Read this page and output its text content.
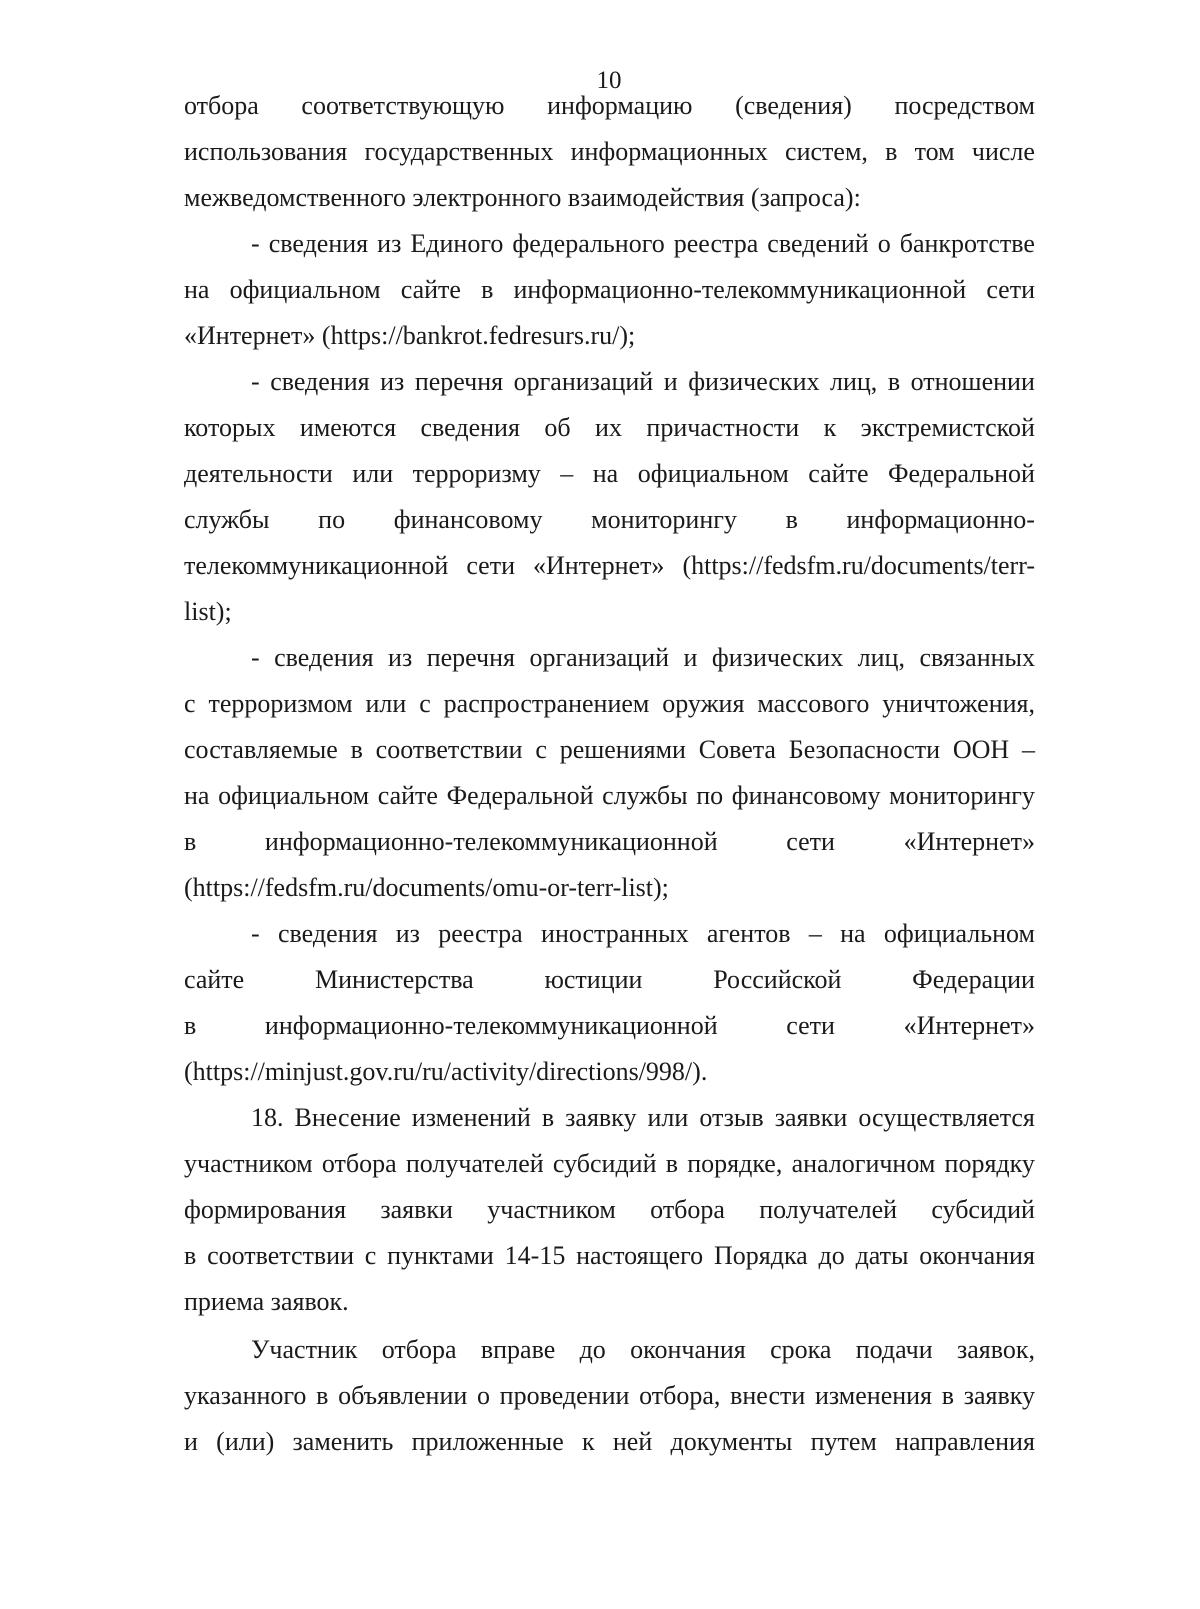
10
отбора соответствующую информацию (сведения) посредством
использования государственных информационных систем, в том числе
межведомственного электронного взаимодействия (запроса):
- сведения из Единого федерального реестра сведений о банкротстве
на официальном сайте в информационно-телекоммуникационной сети
«Интернет» (https://bankrot.fedresurs.ru/);
- сведения из перечня организаций и физических лиц, в отношении
которых имеются сведения об их причастности к экстремистской
деятельности или терроризму – на официальном сайте Федеральной
службы по финансовому мониторингу в информационно-
телекоммуникационной сети «Интернет» (https://fedsfm.ru/documents/terr-
list);
- сведения из перечня организаций и физических лиц, связанных
с терроризмом или с распространением оружия массового уничтожения,
составляемые в соответствии с решениями Совета Безопасности ООН –
на официальном сайте Федеральной службы по финансовому мониторингу
в	информационно-телекоммуникационной	сети	«Интернет»
(https://fedsfm.ru/documents/omu-or-terr-list);
- сведения из реестра иностранных агентов – на официальном
сайте	Министерства	юстиции	Российской	Федерации
в	информационно-телекоммуникационной	сети	«Интернет»
(https://minjust.gov.ru/ru/activity/directions/998/).
18. Внесение изменений в заявку или отзыв заявки осуществляется
участником отбора получателей субсидий в порядке, аналогичном порядку
формирования заявки участником отбора получателей субсидий
в соответствии с пунктами 14-15 настоящего Порядка до даты окончания
приема заявок.
Участник отбора вправе до окончания срока подачи заявок,
указанного в объявлении о проведении отбора, внести изменения в заявку
и (или) заменить приложенные к ней документы путем направления
